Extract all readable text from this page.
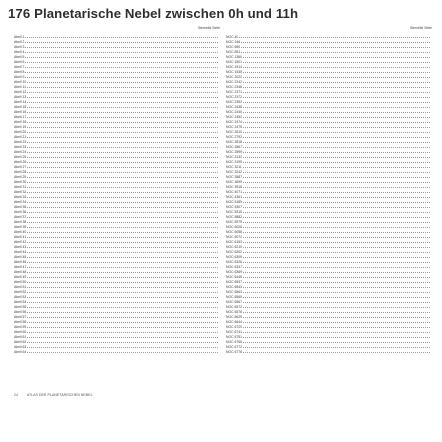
176 Planetarische Nebel zwischen 0h und 11h
Sternbild Seite
Abell 1
Abell 2
Abell 3
Abell 4
Abell 5
Abell 6
Abell 7
Abell 8
Abell 9
Abell 10
Abell 11
Abell 12
Abell 13
Abell 14
Abell 15
Abell 16
Abell 17
Abell 18
Abell 19
Abell 20
Abell 21
Abell 22
Abell 23
Abell 24
Abell 25
Abell 26
Abell 27
Abell 28
Abell 29
Abell 30
Abell 31
Abell 32
Abell 33
Abell 34
Abell 35
Abell 36
Abell 37
Abell 38
Abell 39
Abell 40
Abell 41
Abell 42
Abell 43
Abell 44
Abell 45
Abell 46
Abell 47
Abell 48
Abell 49
Abell 50
Abell 51
Abell 52
Abell 53
Abell 54
Abell 55
Abell 56
Abell 57
Abell 58
Abell 59
Abell 60
Abell 61
Abell 62
Abell 63
Abell 64
Sternbild Seite
NGC 40
NGC 246
NGC 650
NGC 651
NGC 1360
NGC 1501
NGC 1514
NGC 1535
NGC 2022
NGC 2242
NGC 2346
NGC 2371
NGC 2372
NGC 2392
NGC 2438
NGC 2440
NGC 2452
NGC 2474
NGC 2475
NGC 2610
NGC 2792
NGC 2818
NGC 2867
NGC 2899
NGC 3132
NGC 3195
NGC 3211
NGC 3242
NGC 3587
NGC 3699
NGC 3918
NGC 4071
NGC 4361
NGC 5189
NGC 5307
NGC 5315
NGC 5882
NGC 5979
NGC 6026
NGC 6058
NGC 6072
NGC 6153
NGC 6210
NGC 6302
NGC 6309
NGC 6326
NGC 6337
NGC 6369
NGC 6445
NGC 6537
NGC 6543
NGC 6563
NGC 6565
NGC 6567
NGC 6572
NGC 6578
NGC 6629
NGC 6644
NGC 6720
NGC 6741
NGC 6751
NGC 6765
NGC 6772
NGC 6778
24 ATLAS DER PLANETARISCHEN NEBEL
